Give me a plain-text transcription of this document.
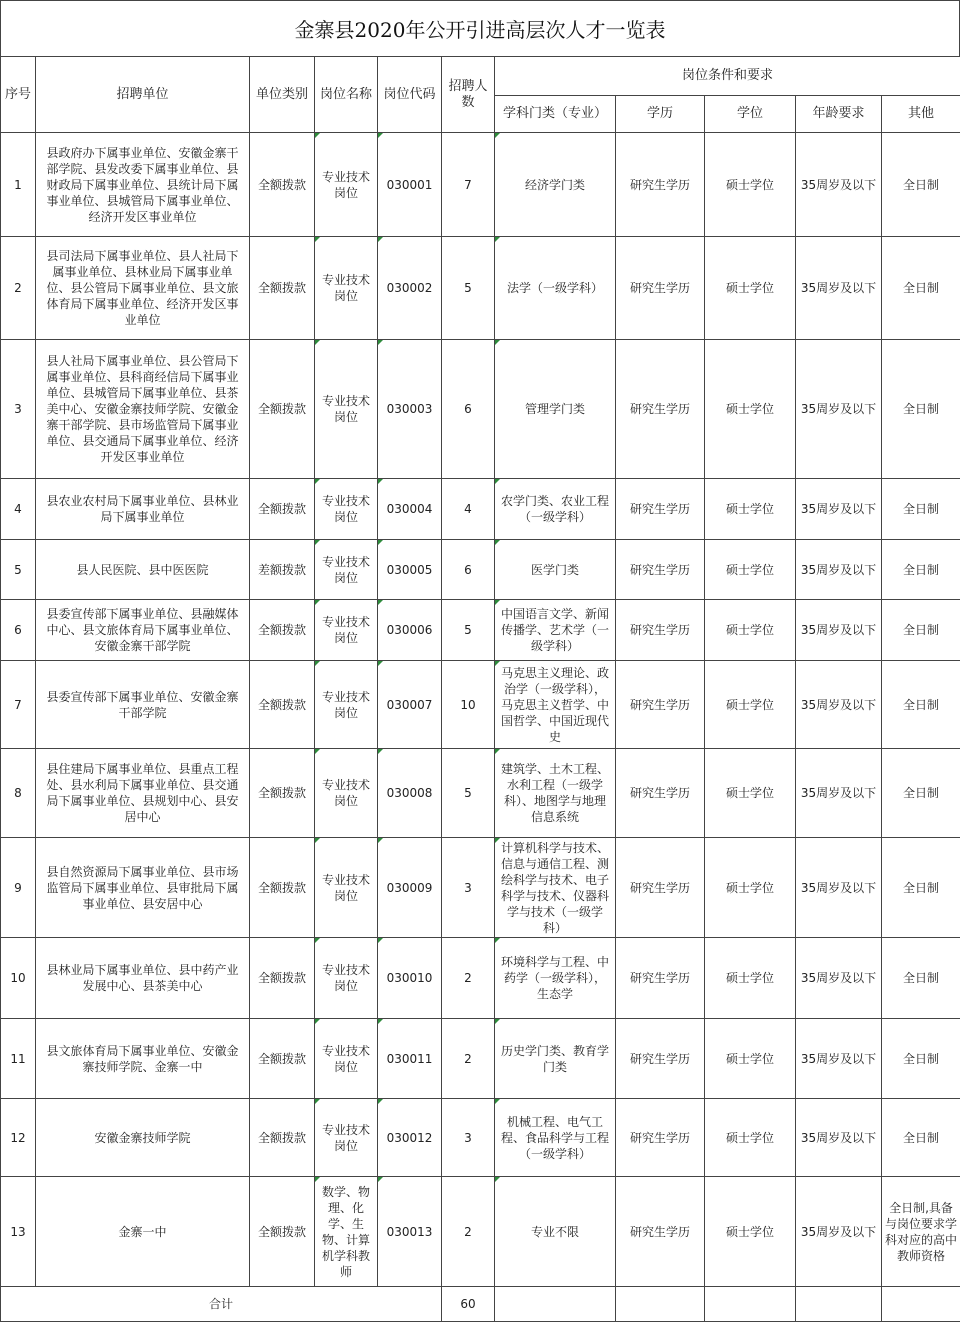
金寨县2020年公开引进高层次人才一览表
序号	招聘单位	单位类别	岗位名称	岗位代码	招聘人数	岗位条件和要求				
						学科门类（专业）	学历	学位	年龄要求	其他
1	县政府办下属事业单位、安徽金寨干部学院、县发改委下属事业单位、县财政局下属事业单位、县统计局下属事业单位、县城管局下属事业单位、经济开发区事业单位	全额拨款	专业技术岗位	030001	7	经济学门类	研究生学历	硕士学位	35周岁及以下	全日制
2	县司法局下属事业单位、县人社局下属事业单位、县林业局下属事业单位、县公管局下属事业单位、县文旅体育局下属事业单位、经济开发区事业单位	全额拨款	专业技术岗位	030002	5	法学（一级学科）	研究生学历	硕士学位	35周岁及以下	全日制
3	县人社局下属事业单位、县公管局下属事业单位、县科商经信局下属事业单位、县城管局下属事业单位、县茶美中心、安徽金寨技师学院、安徽金寨干部学院、县市场监管局下属事业单位、县交通局下属事业单位、经济开发区事业单位	全额拨款	专业技术岗位	030003	6	管理学门类	研究生学历	硕士学位	35周岁及以下	全日制
4	县农业农村局下属事业单位、县林业局下属事业单位	全额拨款	专业技术岗位	030004	4	农学门类、农业工程（一级学科）	研究生学历	硕士学位	35周岁及以下	全日制
5	县人民医院、县中医医院	差额拨款	专业技术岗位	030005	6	医学门类	研究生学历	硕士学位	35周岁及以下	全日制
6	县委宣传部下属事业单位、县融媒体中心、县文旅体育局下属事业单位、安徽金寨干部学院	全额拨款	专业技术岗位	030006	5	中国语言文学、新闻传播学、艺术学（一级学科）	研究生学历	硕士学位	35周岁及以下	全日制
7	县委宣传部下属事业单位、安徽金寨干部学院	全额拨款	专业技术岗位	030007	10	马克思主义理论、政治学（一级学科），马克思主义哲学、中国哲学、中国近现代史	研究生学历	硕士学位	35周岁及以下	全日制
8	县住建局下属事业单位、县重点工程处、县水利局下属事业单位、县交通局下属事业单位、县规划中心、县安居中心	全额拨款	专业技术岗位	030008	5	建筑学、土木工程、水利工程（一级学科）、地图学与地理信息系统	研究生学历	硕士学位	35周岁及以下	全日制
9	县自然资源局下属事业单位、县市场监管局下属事业单位、县审批局下属事业单位、县安居中心	全额拨款	专业技术岗位	030009	3	计算机科学与技术、信息与通信工程、测绘科学与技术、电子科学与技术、仪器科学与技术（一级学科）	研究生学历	硕士学位	35周岁及以下	全日制
10	县林业局下属事业单位、县中药产业发展中心、县茶美中心	全额拨款	专业技术岗位	030010	2	环境科学与工程、中药学（一级学科），生态学	研究生学历	硕士学位	35周岁及以下	全日制
11	县文旅体育局下属事业单位、安徽金寨技师学院、金寨一中	全额拨款	专业技术岗位	030011	2	历史学门类、教育学门类	研究生学历	硕士学位	35周岁及以下	全日制
12	安徽金寨技师学院	全额拨款	专业技术岗位	030012	3	机械工程、电气工程、食品科学与工程（一级学科）	研究生学历	硕士学位	35周岁及以下	全日制
13	金寨一中	全额拨款	数学、物理、化学、生物、计算机学科教师	030013	2	专业不限	研究生学历	硕士学位	35周岁及以下	全日制,具备与岗位要求学科对应的高中教师资格
合计					60					
